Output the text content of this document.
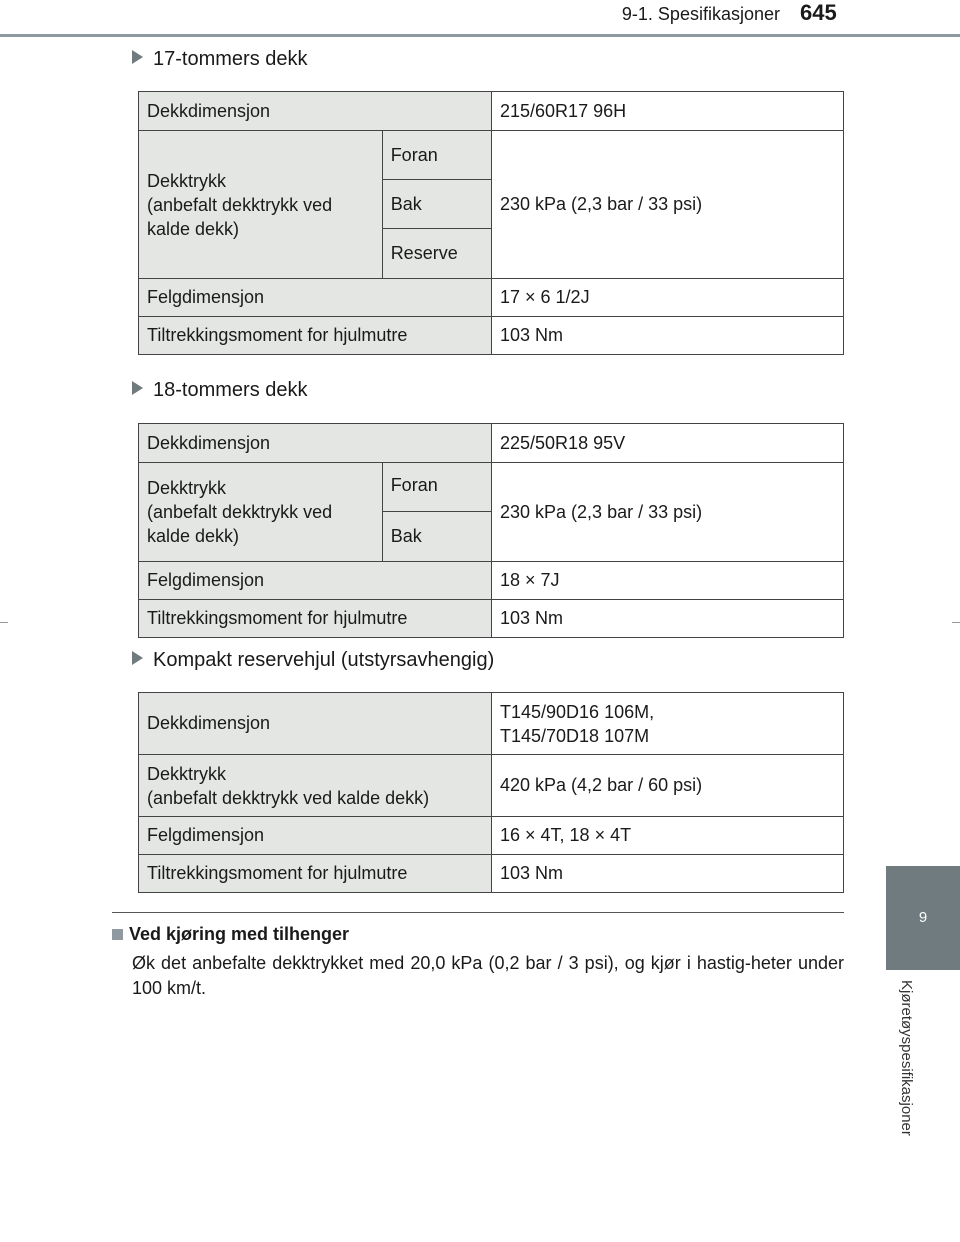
9-1. Spesifikasjoner 645
9
Kjøretøyspesifikasjoner
17-tommers dekk
Dekkdimensjon		215/60R17 96H
Dekktrykk
(anbefalt dekktrykk ved
kalde dekk)	Foran	230 kPa (2,3 bar / 33 psi)
	Bak	
	Reserve	
Felgdimensjon		17 × 6 1/2J
Tiltrekkingsmoment for hjulmutre		103 Nm
18-tommers dekk
Dekkdimensjon		225/50R18 95V
Dekktrykk
(anbefalt dekktrykk ved
kalde dekk)	Foran	230 kPa (2,3 bar / 33 psi)
	Bak	
Felgdimensjon		18 × 7J
Tiltrekkingsmoment for hjulmutre		103 Nm
Kompakt reservehjul (utstyrsavhengig)
Dekkdimensjon	T145/90D16 106M,
T145/70D18 107M
Dekktrykk
(anbefalt dekktrykk ved kalde dekk)	420 kPa (4,2 bar / 60 psi)
Felgdimensjon	16 × 4T, 18 × 4T
Tiltrekkingsmoment for hjulmutre	103 Nm
Ved kjøring med tilhenger
Øk det anbefalte dekktrykket med 20,0 kPa (0,2 bar / 3 psi), og kjør i hastig-heter under 100 km/t.
